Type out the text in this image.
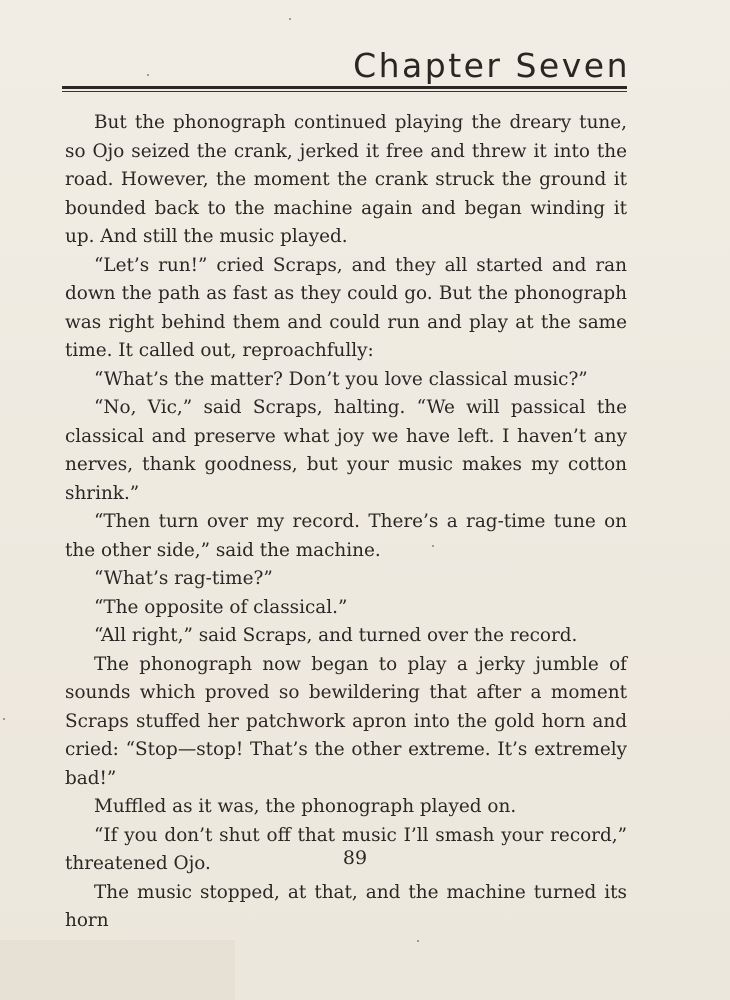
Chapter Seven

But the phonograph continued playing the dreary tune, so Ojo seized the crank, jerked it free and threw it into the road. However, the moment the crank struck the ground it bounded back to the machine again and began winding it up. And still the music played.

“Let’s run!” cried Scraps, and they all started and ran down the path as fast as they could go. But the phonograph was right behind them and could run and play at the same time. It called out, reproachfully:

“What’s the matter? Don’t you love classical music?”

“No, Vic,” said Scraps, halting. “We will passical the classical and preserve what joy we have left. I haven’t any nerves, thank goodness, but your music makes my cotton shrink.”

“Then turn over my record. There’s a rag-time tune on the other side,” said the machine.

“What’s rag-time?”

“The opposite of classical.”

“All right,” said Scraps, and turned over the record.

The phonograph now began to play a jerky jumble of sounds which proved so bewildering that after a moment Scraps stuffed her patchwork apron into the gold horn and cried: “Stop—stop! That’s the other extreme. It’s extremely bad!”

Muffled as it was, the phonograph played on.

“If you don’t shut off that music I’ll smash your record,” threatened Ojo.

The music stopped, at that, and the machine turned its horn

89
